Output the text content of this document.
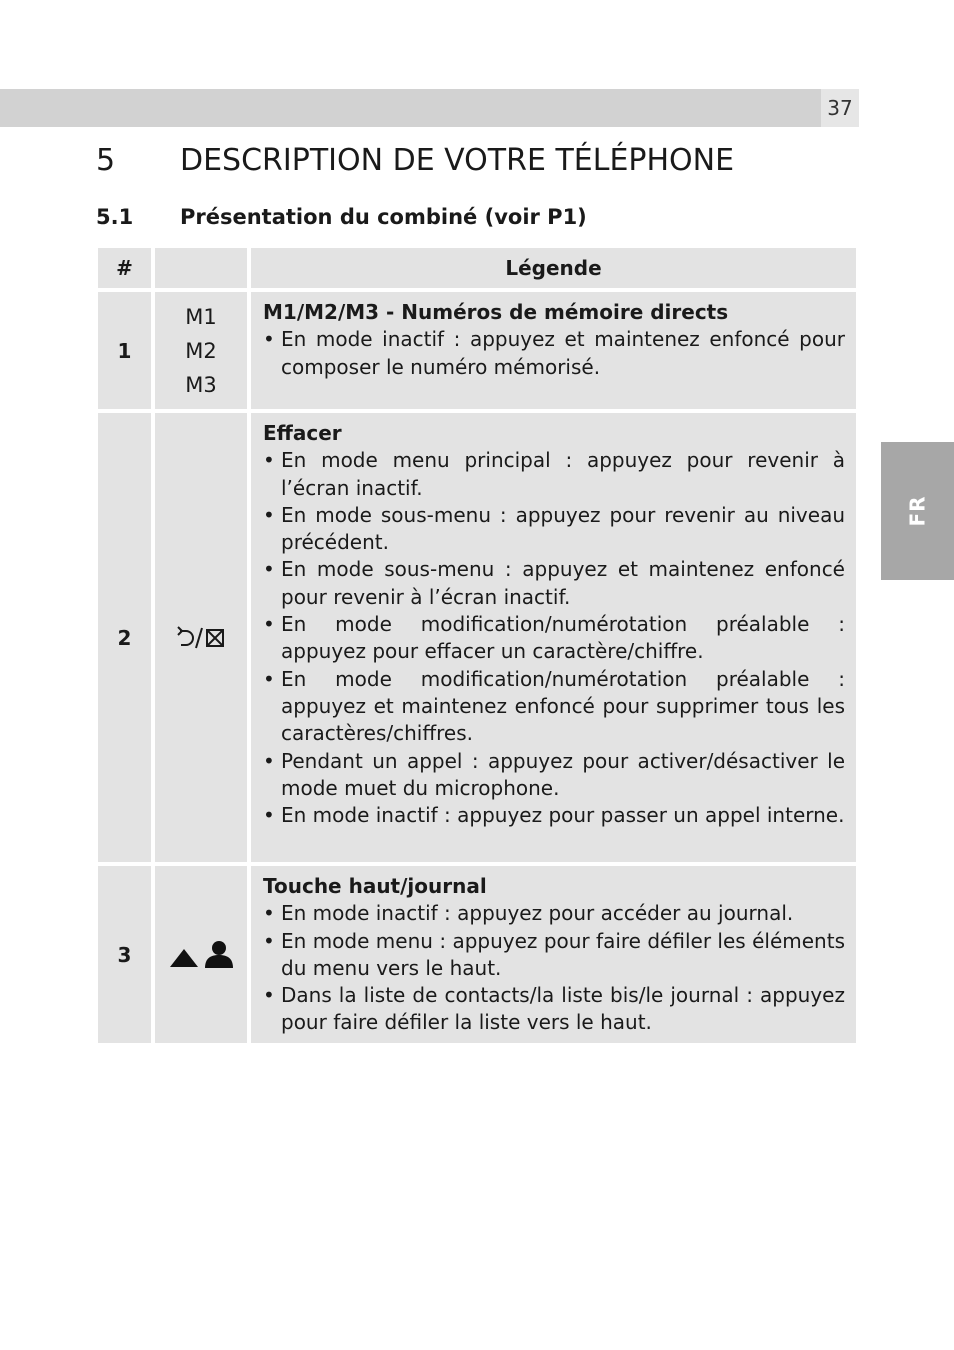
37
FR
5 DESCRIPTION DE VOTRE TÉLÉPHONE
5.1 Présentation du combiné (voir P1)
#	Légende
1
M1
M2
M3
M1/M2/M3 - Numéros de mémoire directs
• En mode inactif : appuyez et maintenez enfoncé pour composer le numéro mémorisé.
2
Effacer
• En mode menu principal : appuyez pour revenir à l’écran inactif.
• En mode sous-menu : appuyez pour revenir au niveau précédent.
• En mode sous-menu : appuyez et maintenez enfoncé pour revenir à l’écran inactif.
• En mode modification/numérotation préalable : appuyez pour effacer un caractère/chiffre.
• En mode modification/numérotation préalable : appuyez et maintenez enfoncé pour supprimer tous les caractères/chiffres.
• Pendant un appel : appuyez pour activer/désactiver le mode muet du microphone.
• En mode inactif : appuyez pour passer un appel interne.
3
Touche haut/journal
• En mode inactif : appuyez pour accéder au journal.
• En mode menu : appuyez pour faire défiler les éléments du menu vers le haut.
• Dans la liste de contacts/la liste bis/le journal : appuyez pour faire défiler la liste vers le haut.
